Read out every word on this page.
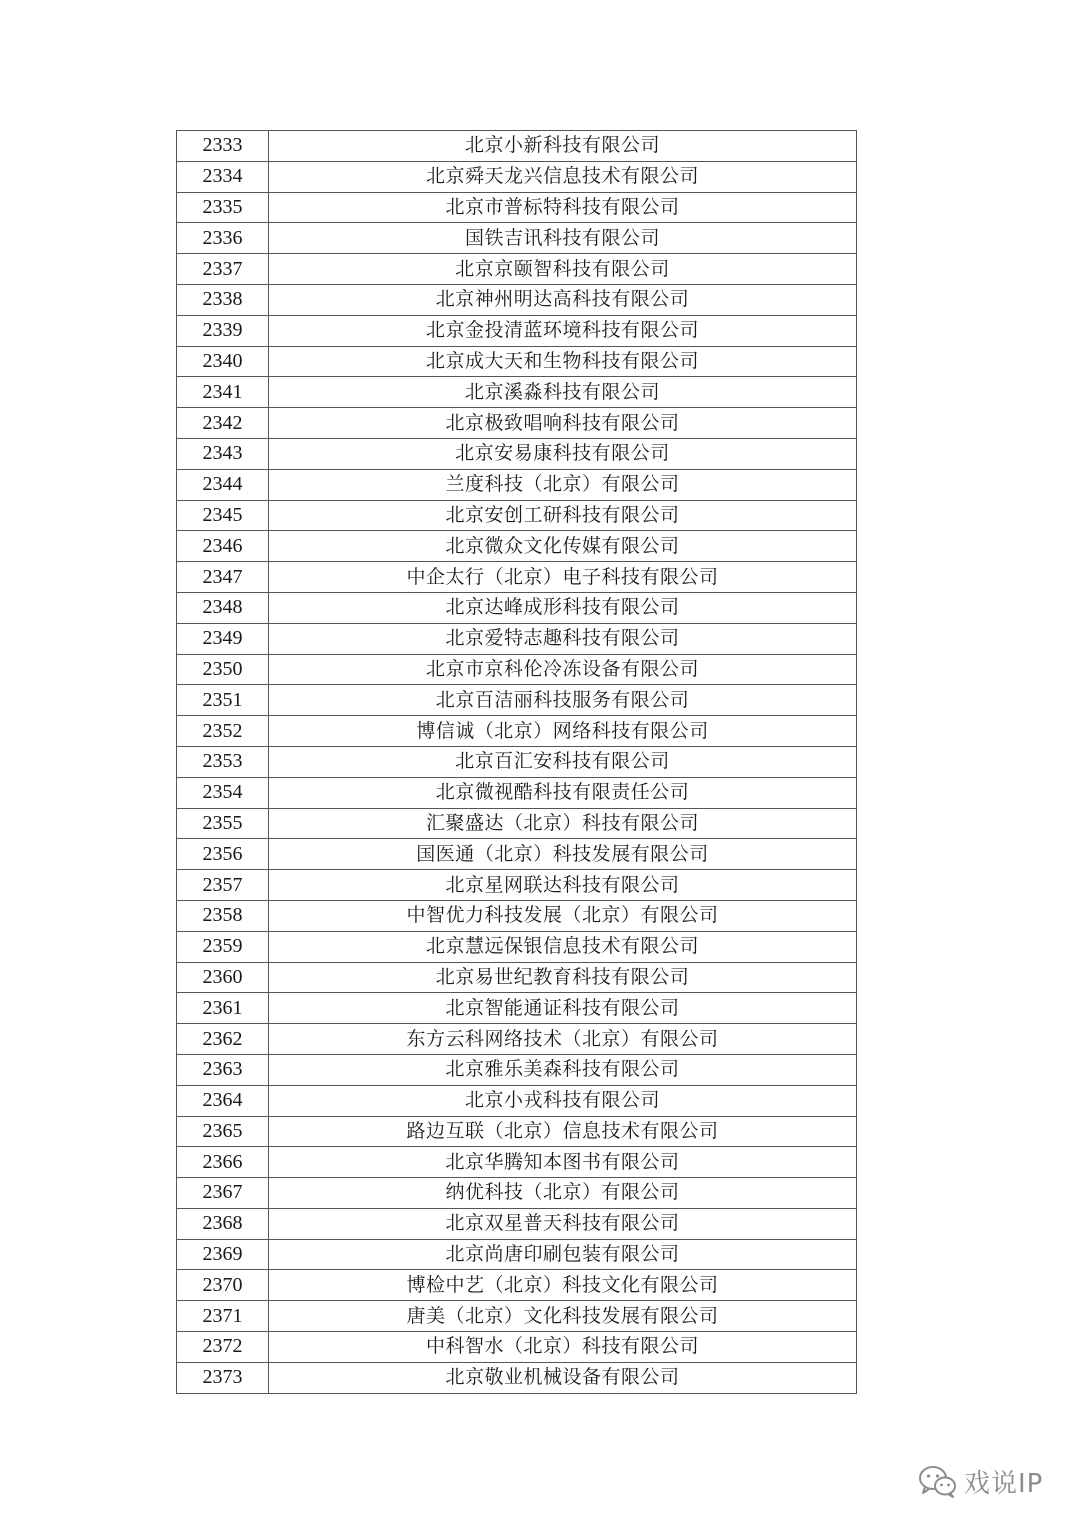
2333	北京小新科技有限公司
2334	北京舜天龙兴信息技术有限公司
2335	北京市普标特科技有限公司
2336	国铁吉讯科技有限公司
2337	北京京颐智科技有限公司
2338	北京神州明达高科技有限公司
2339	北京金投清蓝环境科技有限公司
2340	北京成大天和生物科技有限公司
2341	北京溪淼科技有限公司
2342	北京极致唱响科技有限公司
2343	北京安易康科技有限公司
2344	兰度科技（北京）有限公司
2345	北京安创工研科技有限公司
2346	北京微众文化传媒有限公司
2347	中企太行（北京）电子科技有限公司
2348	北京达峰成形科技有限公司
2349	北京爱特志趣科技有限公司
2350	北京市京科伦冷冻设备有限公司
2351	北京百洁丽科技服务有限公司
2352	博信诚（北京）网络科技有限公司
2353	北京百汇安科技有限公司
2354	北京微视酷科技有限责任公司
2355	汇聚盛达（北京）科技有限公司
2356	国医通（北京）科技发展有限公司
2357	北京星网联达科技有限公司
2358	中智优力科技发展（北京）有限公司
2359	北京慧远保银信息技术有限公司
2360	北京易世纪教育科技有限公司
2361	北京智能通证科技有限公司
2362	东方云科网络技术（北京）有限公司
2363	北京雅乐美森科技有限公司
2364	北京小戎科技有限公司
2365	路边互联（北京）信息技术有限公司
2366	北京华腾知本图书有限公司
2367	纳优科技（北京）有限公司
2368	北京双星普天科技有限公司
2369	北京尚唐印刷包装有限公司
2370	博检中艺（北京）科技文化有限公司
2371	唐美（北京）文化科技发展有限公司
2372	中科智水（北京）科技有限公司
2373	北京敬业机械设备有限公司
戏说IP
